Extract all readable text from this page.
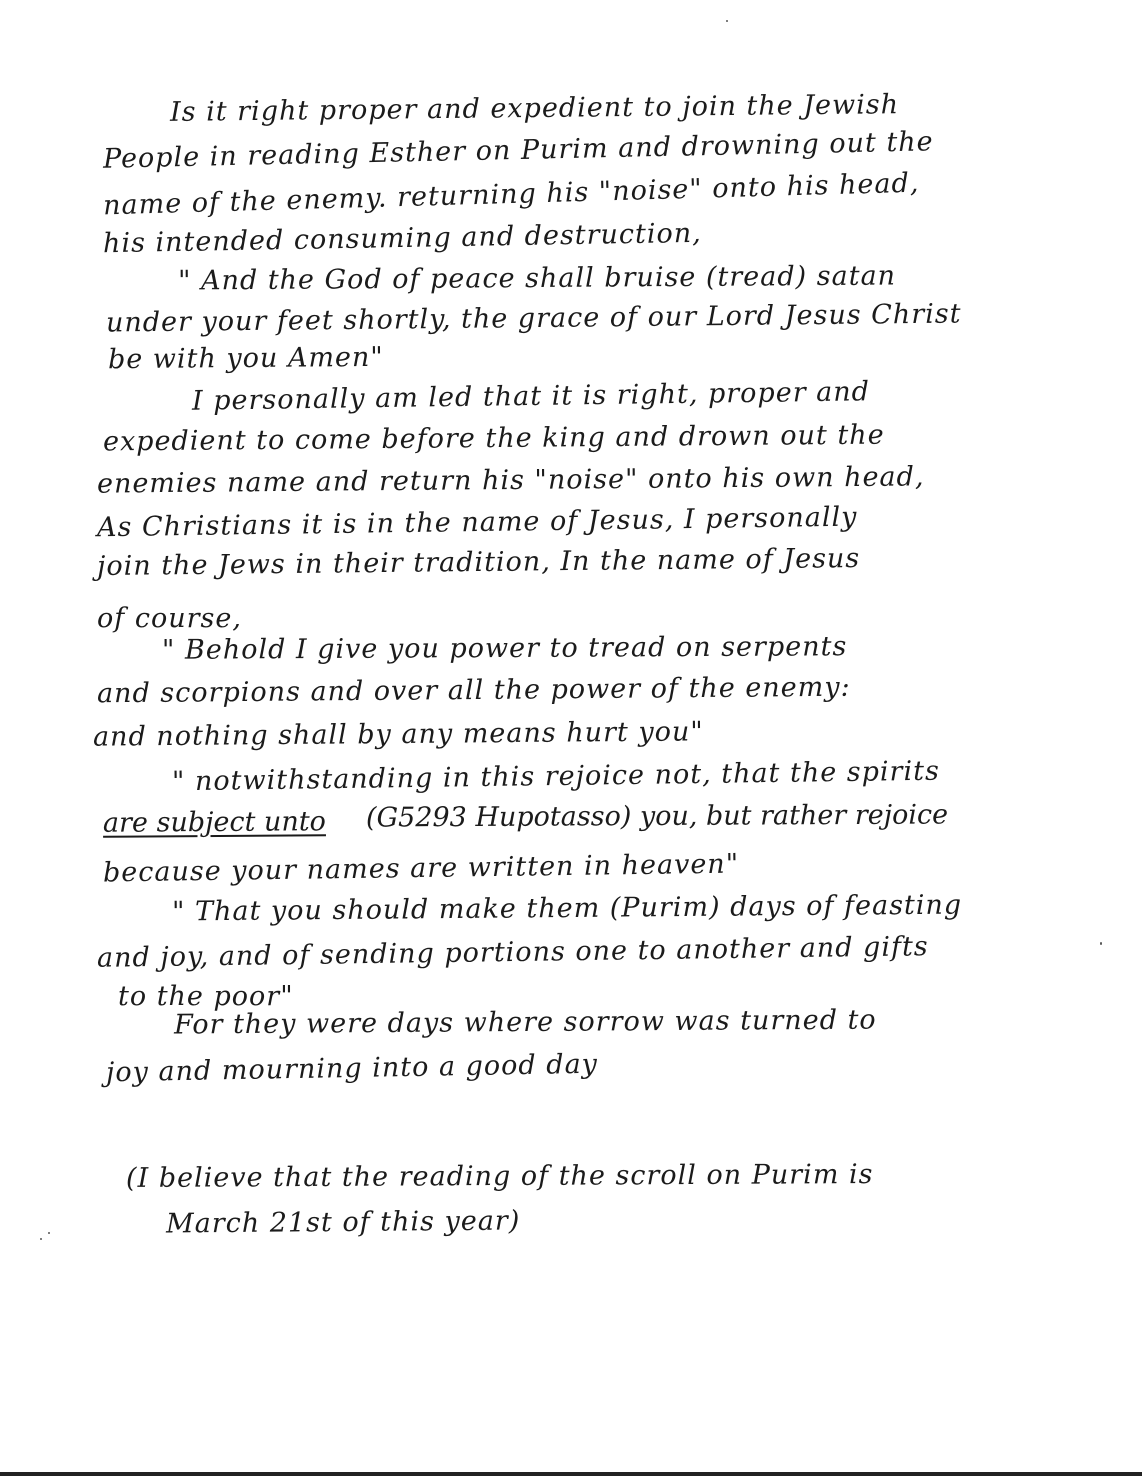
Is it right proper and expedient to join the Jewish
People in reading Esther on Purim and drowning out the
name of the enemy. returning his "noise" onto his head,
his intended consuming and destruction,
" And the God of peace shall bruise (tread) satan
under your feet shortly, the grace of our Lord Jesus Christ
be with you Amen"
I personally am led that it is right, proper and
expedient to come before the king and drown out the
enemies name and return his "noise" onto his own head,
As Christians it is in the name of Jesus, I personally
join the Jews in their tradition, In the name of Jesus
of course,
" Behold I give you power to tread on serpents
and scorpions and over all the power of the enemy:
and nothing shall by any means hurt you"
" notwithstanding in this rejoice not, that the spirits
are subject unto (G5293 Hupotasso) you, but rather rejoice
because your names are written in heaven"
" That you should make them (Purim) days of feasting
and joy, and of sending portions one to another and gifts
to the poor"
For they were days where sorrow was turned to
joy and mourning into a good day
(I believe that the reading of the scroll on Purim is
March 21st of this year)
